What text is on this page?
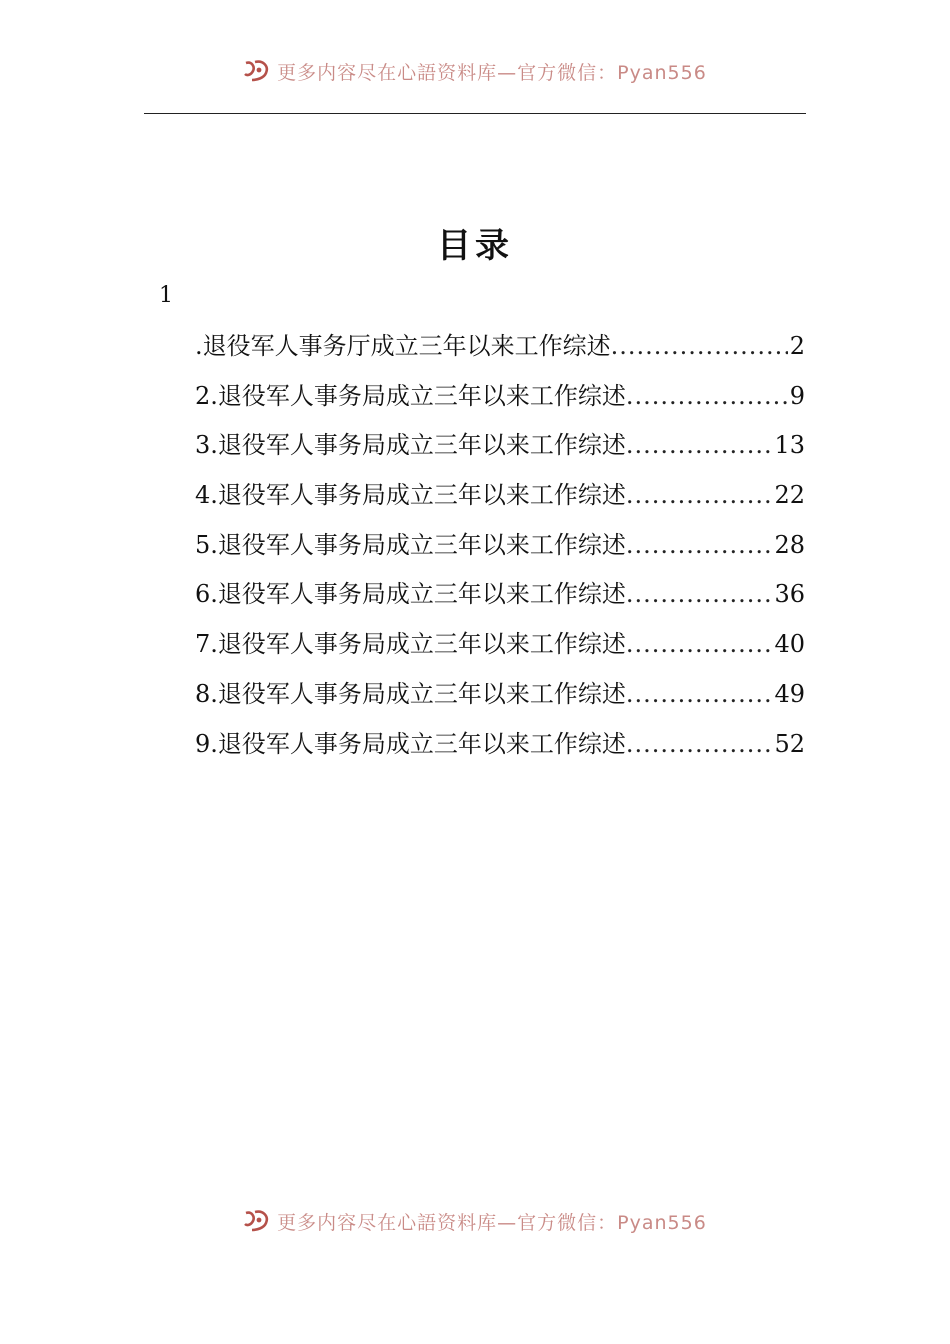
更多内容尽在心語资料库—官方微信：Pyan556
目录
1
.退役军人事务厅成立三年以来工作综述 .....	2
2.退役军人事务局成立三年以来工作综述 .....	9
3.退役军人事务局成立三年以来工作综述 .....	13
4.退役军人事务局成立三年以来工作综述 .....	22
5.退役军人事务局成立三年以来工作综述 .....	28
6.退役军人事务局成立三年以来工作综述 .....	36
7.退役军人事务局成立三年以来工作综述 .....	40
8.退役军人事务局成立三年以来工作综述 .....	49
9.退役军人事务局成立三年以来工作综述 .....	52
更多内容尽在心語资料库—官方微信：Pyan556
